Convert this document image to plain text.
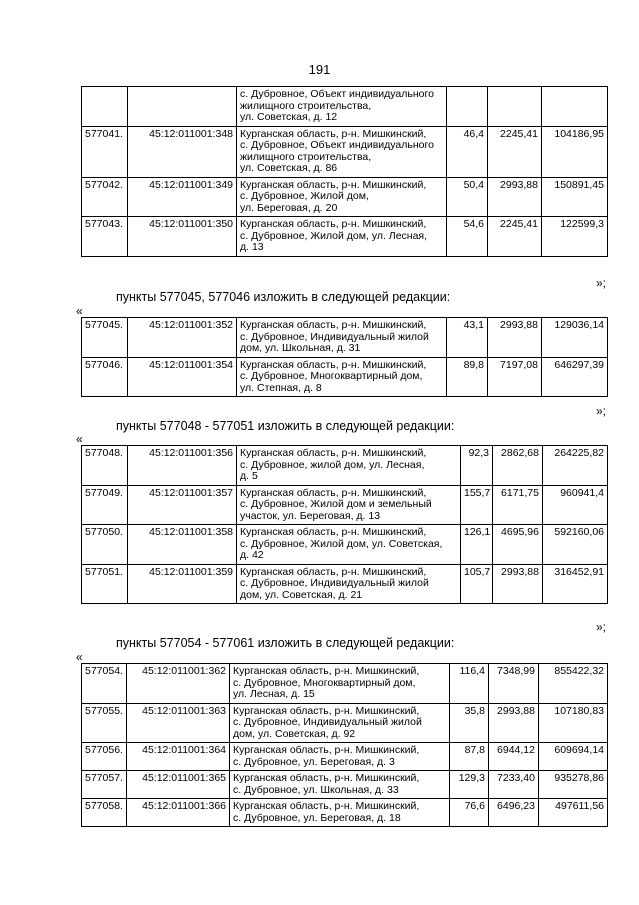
191

		с. Дубровное, Объект индивидуального
жилищного строительства,
ул. Советская, д. 12			

577041.	45:12:011001:348	Курганская область, р-н. Мишкинский,
с. Дубровное, Объект индивидуального
жилищного строительства,
ул. Советская, д. 86	46,4	2245,41	104186,95
577042.	45:12:011001:349	Курганская область, р-н. Мишкинский,
с. Дубровное, Жилой дом,
ул. Береговая, д. 20	50,4	2993,88	150891,45
577043.	45:12:011001:350	Курганская область, р-н. Мишкинский,
с. Дубровное, Жилой дом, ул. Лесная,
д. 13	54,6	2245,41	122599,3
»;
пункты 577045, 577046 изложить в следующей редакции:
«
577045.	45:12:011001:352	Курганская область, р-н. Мишкинский,
с. Дубровное, Индивидуальный жилой
дом, ул. Школьная, д. 31	43,1	2993,88	129036,14
577046.	45:12:011001:354	Курганская область, р-н. Мишкинский,
с. Дубровное, Многоквартирный дом,
ул. Степная, д. 8	89,8	7197,08	646297,39
»;
пункты 577048 - 577051 изложить в следующей редакции:
«
577048.	45:12:011001:356	Курганская область, р-н. Мишкинский,
с. Дубровное, жилой дом, ул. Лесная,
д. 5	92,3	2862,68	264225,82
577049.	45:12:011001:357	Курганская область, р-н. Мишкинский,
с. Дубровное, Жилой дом и земельный
участок, ул. Береговая, д. 13	155,7	6171,75	960941,4
577050.	45:12:011001:358	Курганская область, р-н. Мишкинский,
с. Дубровное, Жилой дом, ул. Советская,
д. 42	126,1	4695,96	592160,06
577051.	45:12:011001:359	Курганская область, р-н. Мишкинский,
с. Дубровное, Индивидуальный жилой
дом, ул. Советская, д. 21	105,7	2993,88	316452,91
»;
пункты 577054 - 577061 изложить в следующей редакции:
«
577054.	45:12:011001:362	Курганская область, р-н. Мишкинский,
с. Дубровное, Многоквартирный дом,
ул. Лесная, д. 15	116,4	7348,99	855422,32
577055.	45:12:011001:363	Курганская область, р-н. Мишкинский,
с. Дубровное, Индивидуальный жилой
дом, ул. Советская, д. 92	35,8	2993,88	107180,83
577056.	45:12:011001:364	Курганская область, р-н. Мишкинский,
с. Дубровное, ул. Береговая, д. 3	87,8	6944,12	609694,14
577057.	45:12:011001:365	Курганская область, р-н. Мишкинский,
с. Дубровное, ул. Школьная, д. 33	129,3	7233,40	935278,86
577058.	45:12:011001:366	Курганская область, р-н. Мишкинский,
с. Дубровное, ул. Береговая, д. 18	76,6	6496,23	497611,56
